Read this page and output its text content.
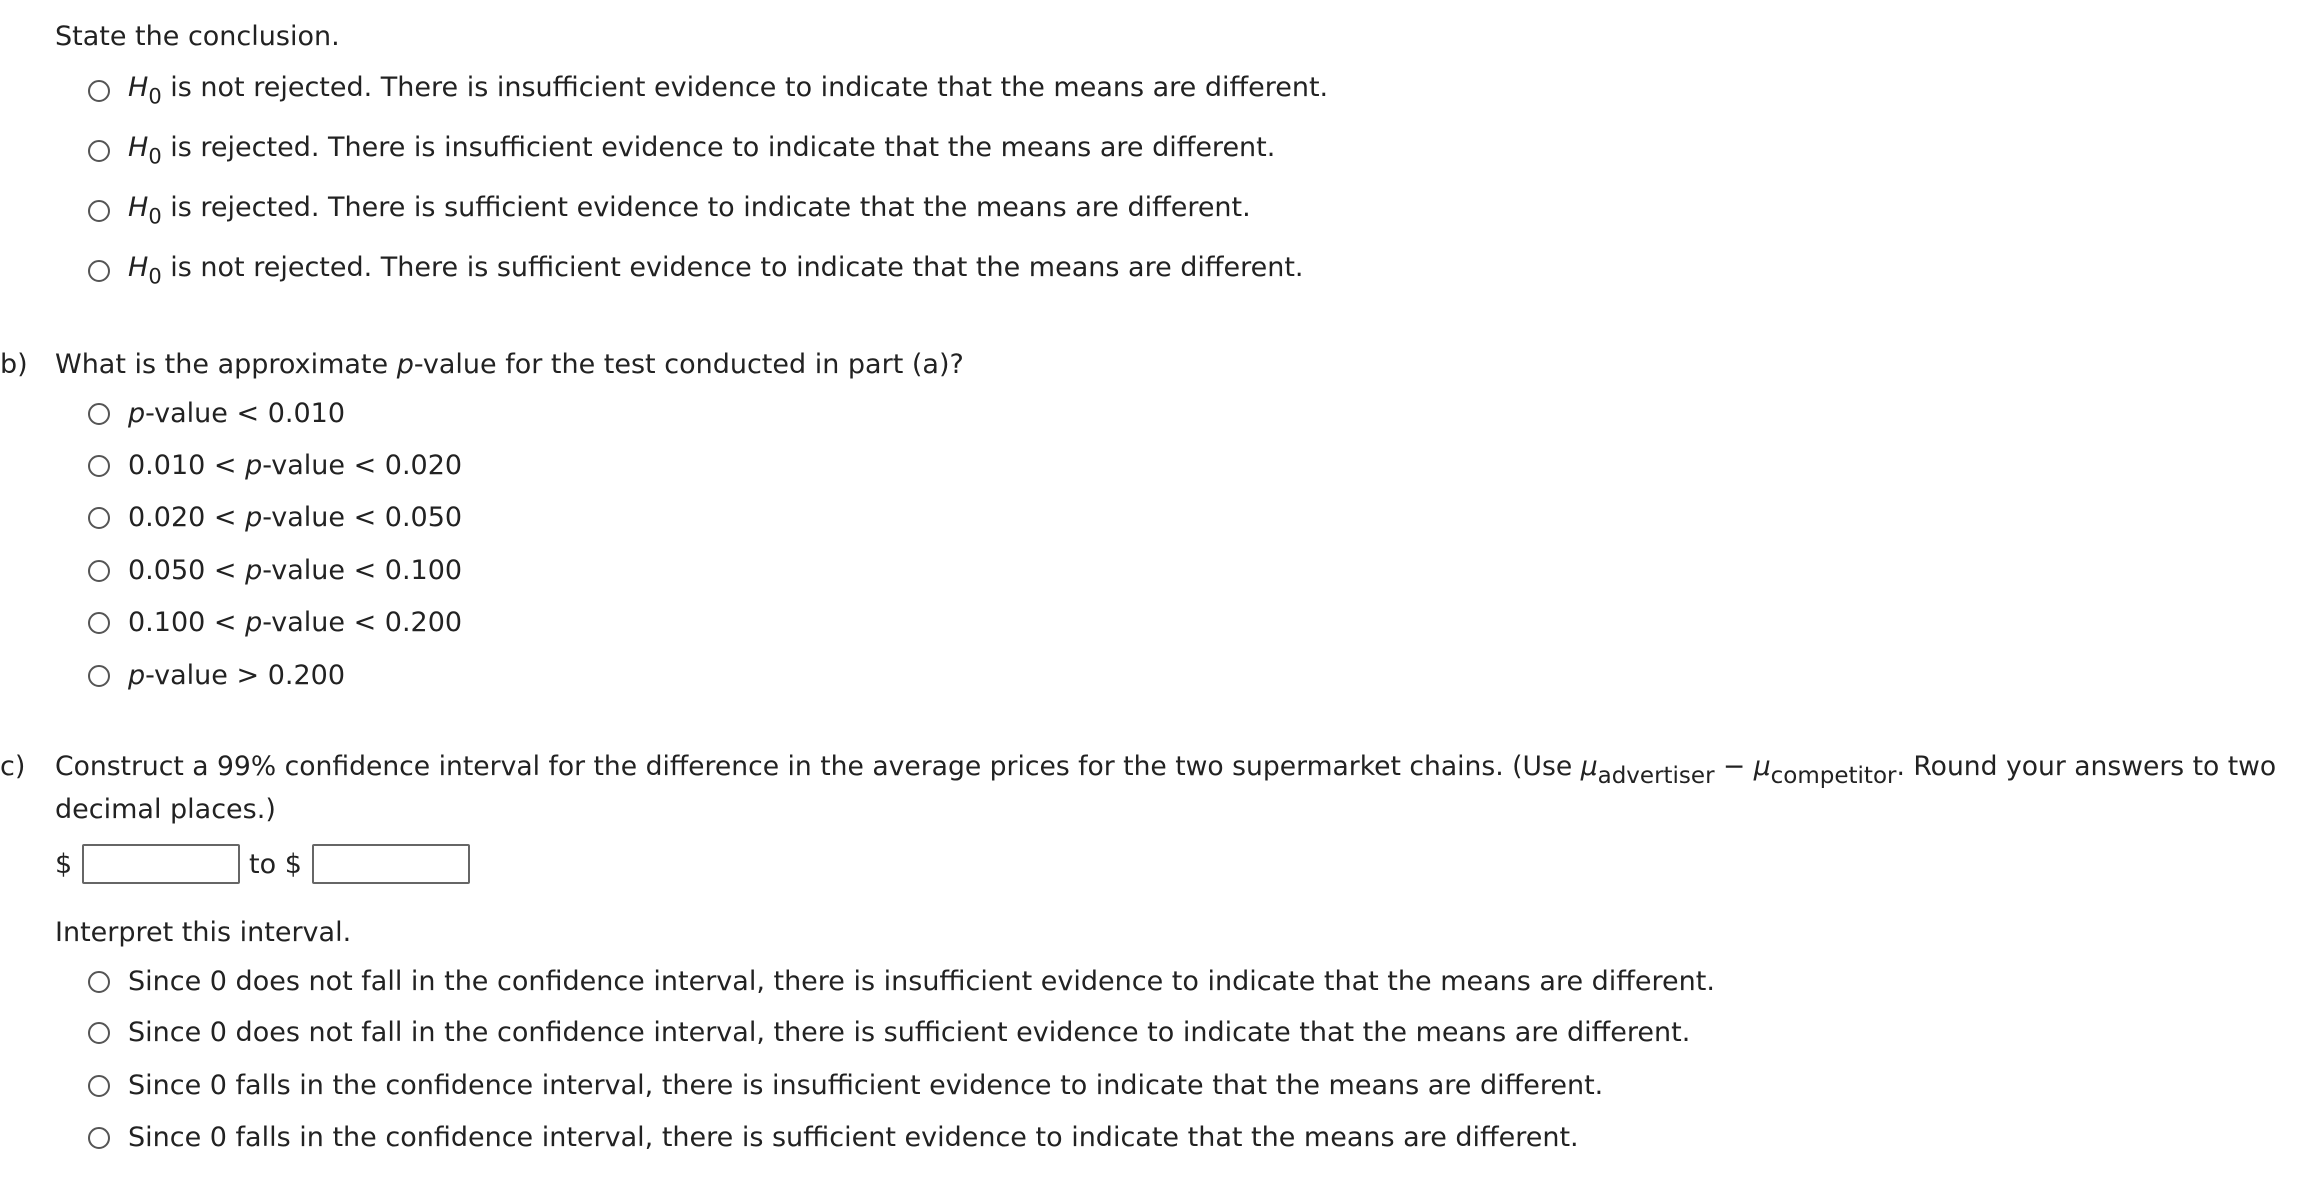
State the conclusion.
$H_0$ is not rejected. There is insufficient evidence to indicate that the means are different.
$H_0$ is rejected. There is insufficient evidence to indicate that the means are different.
$H_0$ is rejected. There is sufficient evidence to indicate that the means are different.
$H_0$ is not rejected. There is sufficient evidence to indicate that the means are different.
b) What is the approximate p-value for the test conducted in part (a)?
p-value < 0.010
0.010 < p-value < 0.020
0.020 < p-value < 0.050
0.050 < p-value < 0.100
0.100 < p-value < 0.200
p-value > 0.200
c) Construct a 99% confidence interval for the difference in the average prices for the two supermarket chains. (Use $\mu_{advertiser} - \mu_{competitor}$. Round your answers to two
decimal places.)
$	to $
Interpret this interval.
Since 0 does not fall in the confidence interval, there is insufficient evidence to indicate that the means are different.
Since 0 does not fall in the confidence interval, there is sufficient evidence to indicate that the means are different.
Since 0 falls in the confidence interval, there is insufficient evidence to indicate that the means are different.
Since 0 falls in the confidence interval, there is sufficient evidence to indicate that the means are different.
